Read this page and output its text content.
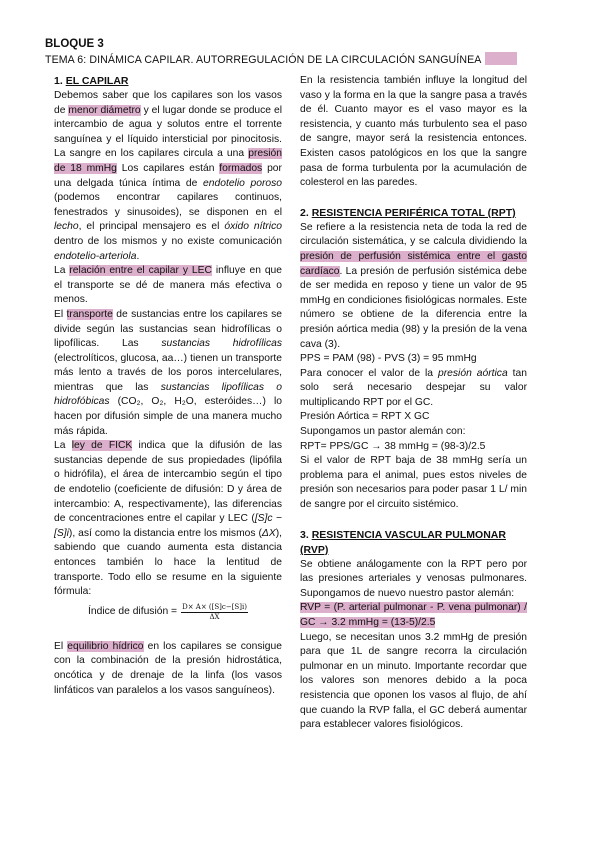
BLOQUE 3
TEMA 6: DINÁMICA CAPILAR. AUTORREGULACIÓN DE LA CIRCULACIÓN SANGUÍNEA
1. EL CAPILAR

Debemos saber que los capilares son los vasos de menor diámetro y el lugar donde se produce el intercambio de agua y solutos entre el torrente sanguínea y el líquido intersticial por pinocitosis. La sangre en los capilares circula a una presión de 18 mmHg Los capilares están formados por una delgada túnica íntima de endotelio poroso (podemos encontrar capilares continuos, fenestrados y sinusoides), se disponen en el lecho, el principal mensajero es el óxido nítrico dentro de los mismos y no existe comunicación endotelio-arteriola.

La relación entre el capilar y LEC influye en que el transporte se dé de manera más efectiva o menos.

El transporte de sustancias entre los capilares se divide según las sustancias sean hidrofílicas o lipofílicas. Las sustancias hidrofílicas (electrolíticos, glucosa, aa…) tienen un transporte más lento a través de los poros intercelulares, mientras que las sustancias lipofílicas o hidrofóbicas (CO₂, O₂, H₂O, esteróides…) lo hacen por difusión simple de una manera mucho más rápida.

La ley de FICK indica que la difusión de las sustancias depende de sus propiedades (lipófila o hidrófila), el área de intercambio según el tipo de endotelio (coeficiente de difusión: D y área de intercambio: A, respectivamente), las diferencias de concentraciones entre el capilar y LEC ([S]c − [S]i), así como la distancia entre los mismos (ΔX), sabiendo que cuando aumenta esta distancia entonces también lo hace la lentitud de transporte. Todo ello se resume en la siguiente fórmula:

Índice de difusión = $\frac{D\times A\times ([S]c-[S]i)}{\Delta X}$

El equilibrio hídrico en los capilares se consigue con la combinación de la presión hidrostática, oncótica y de drenaje de la linfa (los vasos linfáticos van paralelos a los vasos sanguíneos).

En la resistencia también influye la longitud del vaso y la forma en la que la sangre pasa a través de él. Cuanto mayor es el vaso mayor es la resistencia, y cuanto más turbulento sea el paso de sangre, mayor será la resistencia entonces. Existen casos patológicos en los que la sangre pasa de forma turbulenta por la acumulación de colesterol en las paredes.

2. RESISTENCIA PERIFÉRICA TOTAL (RPT)

Se refiere a la resistencia neta de toda la red de circulación sistemática, y se calcula dividiendo la presión de perfusión sistémica entre el gasto cardíaco. La presión de perfusión sistémica debe de ser medida en reposo y tiene un valor de 95 mmHg en condiciones fisiológicas normales. Este número se obtiene de la diferencia entre la presión aórtica media (98) y la presión de la vena cava (3).

PPS = PAM (98) - PVS (3) = 95 mmHg

Para conocer el valor de la presión aórtica tan solo será necesario despejar su valor multiplicando RPT por el GC.

Presión Aórtica = RPT X GC

Supongamos un pastor alemán con:

RPT= PPS/GC → 38 mmHg = (98-3)/2.5

Si el valor de RPT baja de 38 mmHg sería un problema para el animal, pues estos niveles de presión son necesarios para poder pasar 1 L/ min de sangre por el circuito sistémico.

3. RESISTENCIA VASCULAR PULMONAR (RVP)

Se obtiene análogamente con la RPT pero por las presiones arteriales y venosas pulmonares. Supongamos de nuevo nuestro pastor alemán:

RVP = (P. arterial pulmonar - P. vena pulmonar) / GC → 3.2 mmHg = (13-5)/2.5

Luego, se necesitan unos 3.2 mmHg de presión para que 1L de sangre recorra la circulación pulmonar en un minuto. Importante recordar que los valores son menores debido a la poca resistencia que oponen los vasos al flujo, de ahí que cuando la RVP falla, el GC deberá aumentar para establecer valores fisiológicos.
